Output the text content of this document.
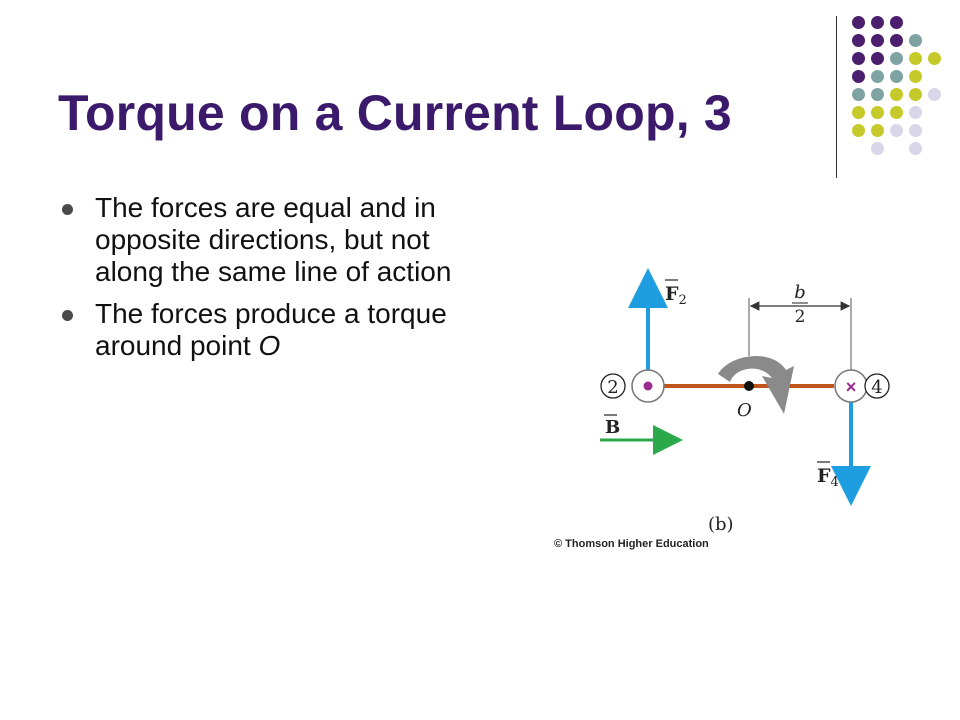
Torque on a Current Loop, 3
The forces are equal and in opposite directions, but not along the same line of action
The forces produce a torque around point O
b
2
$F_2$
2	× 4
$F_4$
O
B
(b)
© Thomson Higher Education
